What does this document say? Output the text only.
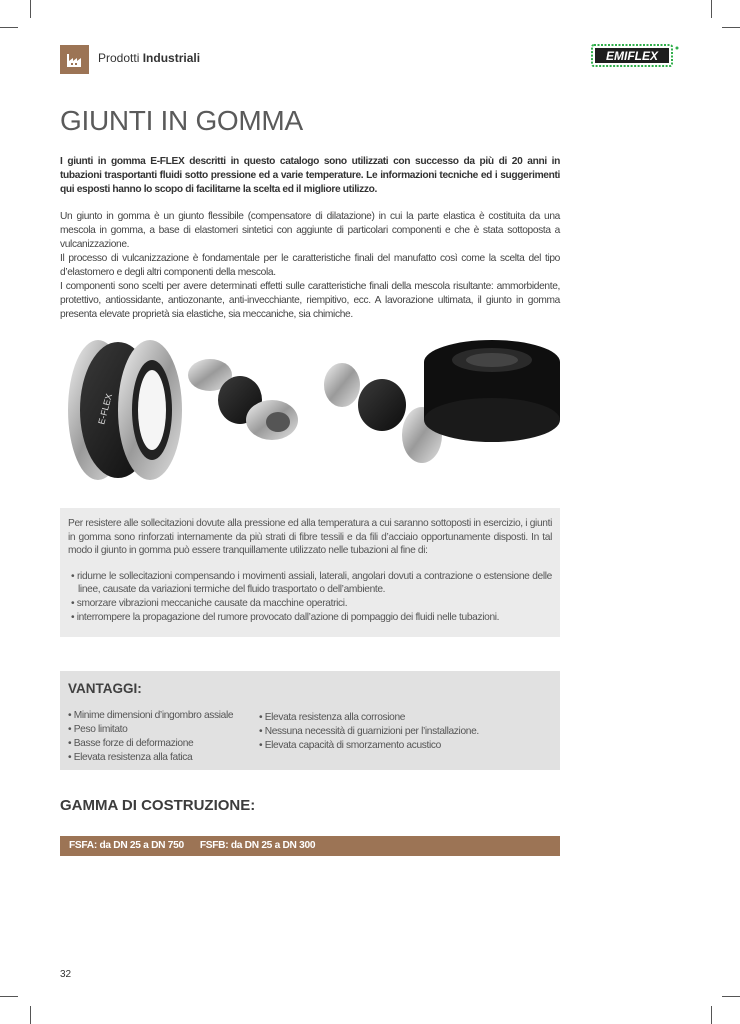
Prodotti Industriali	EMIFLEX
GIUNTI IN GOMMA
I giunti in gomma E-FLEX descritti in questo catalogo sono utilizzati con successo da più di 20 anni in tubazioni trasportanti fluidi sotto pressione ed a varie temperature. Le informazioni tecniche ed i suggerimenti qui esposti hanno lo scopo di facilitarne la scelta ed il migliore utilizzo.

Un giunto in gomma è un giunto flessibile (compensatore di dilatazione) in cui la parte elastica è costituita da una mescola in gomma, a base di elastomeri sintetici con aggiunte di particolari componenti e che è stata sottoposta a vulcanizzazione.

Il processo di vulcanizzazione è fondamentale per le caratteristiche finali del manufatto così come la scelta del tipo d’elastomero e degli altri componenti della mescola.

I componenti sono scelti per avere determinati effetti sulle caratteristiche finali della mescola risultante: ammorbidente, protettivo, antiossidante, antiozonante, anti-invecchiante, riempitivo, ecc. A lavorazione ultimata, il giunto in gomma presenta elevate proprietà sia elastiche, sia meccaniche, sia chimiche.

E-FLEX

Per resistere alle sollecitazioni dovute alla pressione ed alla temperatura a cui saranno sottoposti in esercizio, i giunti in gomma sono rinforzati internamente da più strati di fibre tessili e da fili d’acciaio opportunamente disposti. In tal modo il giunto in gomma può essere tranquillamente utilizzato nelle tubazioni al fine di:

• ridurne le sollecitazioni compensando i movimenti assiali, laterali, angolari dovuti a contrazione o estensione delle linee, causate da variazioni termiche del fluido trasportato o dell’ambiente.
• smorzare vibrazioni meccaniche causate da macchine operatrici.
• interrompere la propagazione del rumore provocato dall’azione di pompaggio dei fluidi nelle tubazioni.
VANTAGGI:
• Minime dimensioni d’ingombro assiale
• Peso limitato
• Basse forze di deformazione
• Elevata resistenza alla fatica
• Elevata resistenza alla corrosione
• Nessuna necessità di guarnizioni per l’installazione.
• Elevata capacità di smorzamento acustico
GAMMA DI COSTRUZIONE:
FSFA: da DN 25 a DN 750 FSFB: da DN 25 a DN 300
32
